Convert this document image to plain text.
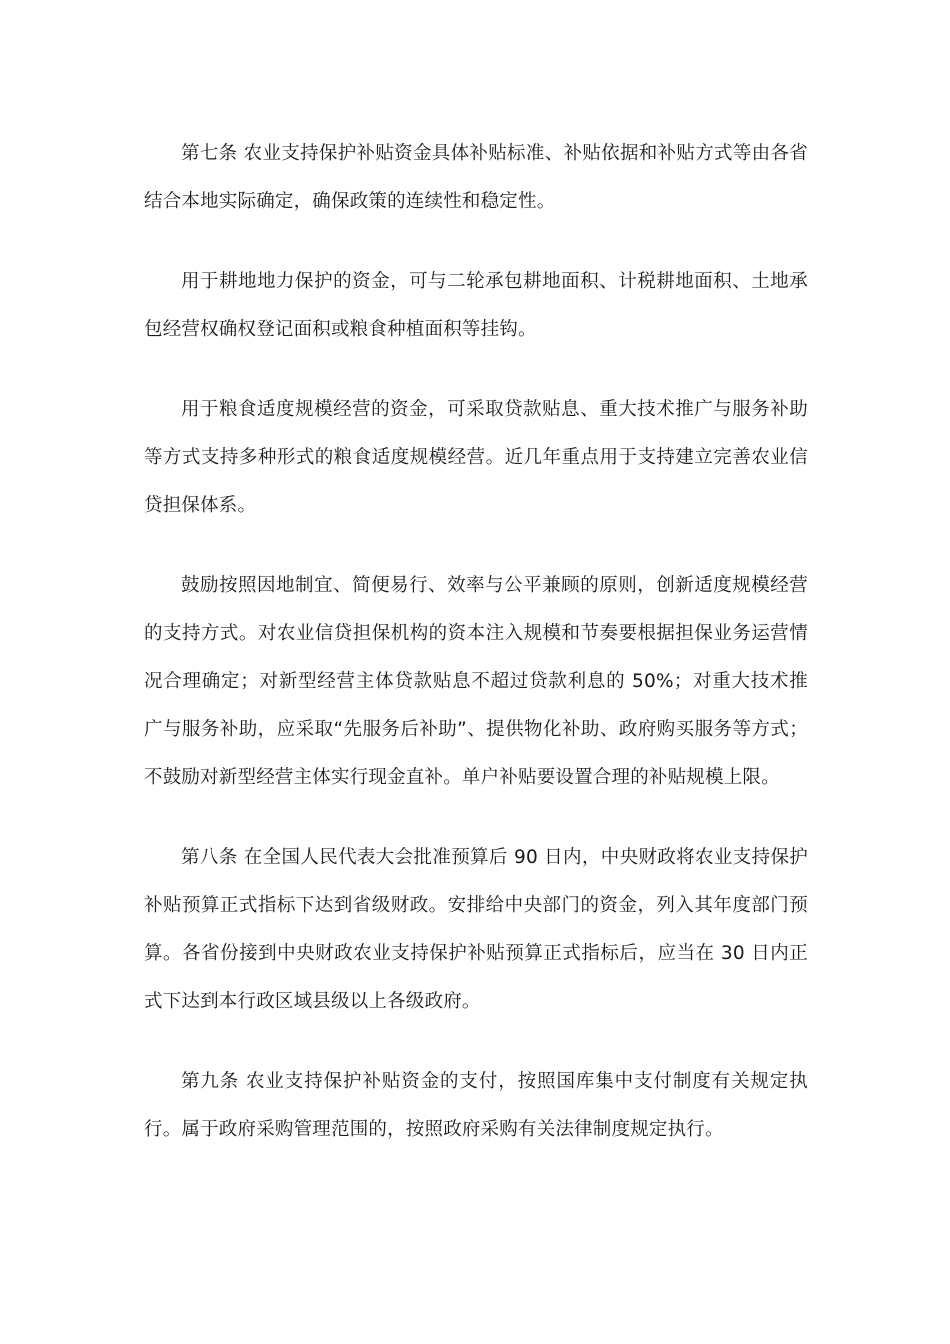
第七条 农业支持保护补贴资金具体补贴标准、补贴依据和补贴方式等由各省结合本地实际确定，确保政策的连续性和稳定性。

用于耕地地力保护的资金，可与二轮承包耕地面积、计税耕地面积、土地承包经营权确权登记面积或粮食种植面积等挂钩。

用于粮食适度规模经营的资金，可采取贷款贴息、重大技术推广与服务补助等方式支持多种形式的粮食适度规模经营。近几年重点用于支持建立完善农业信贷担保体系。

鼓励按照因地制宜、简便易行、效率与公平兼顾的原则，创新适度规模经营的支持方式。对农业信贷担保机构的资本注入规模和节奏要根据担保业务运营情况合理确定；对新型经营主体贷款贴息不超过贷款利息的 50%；对重大技术推广与服务补助，应采取“先服务后补助”、提供物化补助、政府购买服务等方式；不鼓励对新型经营主体实行现金直补。单户补贴要设置合理的补贴规模上限。

第八条 在全国人民代表大会批准预算后 90 日内，中央财政将农业支持保护补贴预算正式指标下达到省级财政。安排给中央部门的资金，列入其年度部门预算。各省份接到中央财政农业支持保护补贴预算正式指标后，应当在 30 日内正式下达到本行政区域县级以上各级政府。

第九条 农业支持保护补贴资金的支付，按照国库集中支付制度有关规定执行。属于政府采购管理范围的，按照政府采购有关法律制度规定执行。
